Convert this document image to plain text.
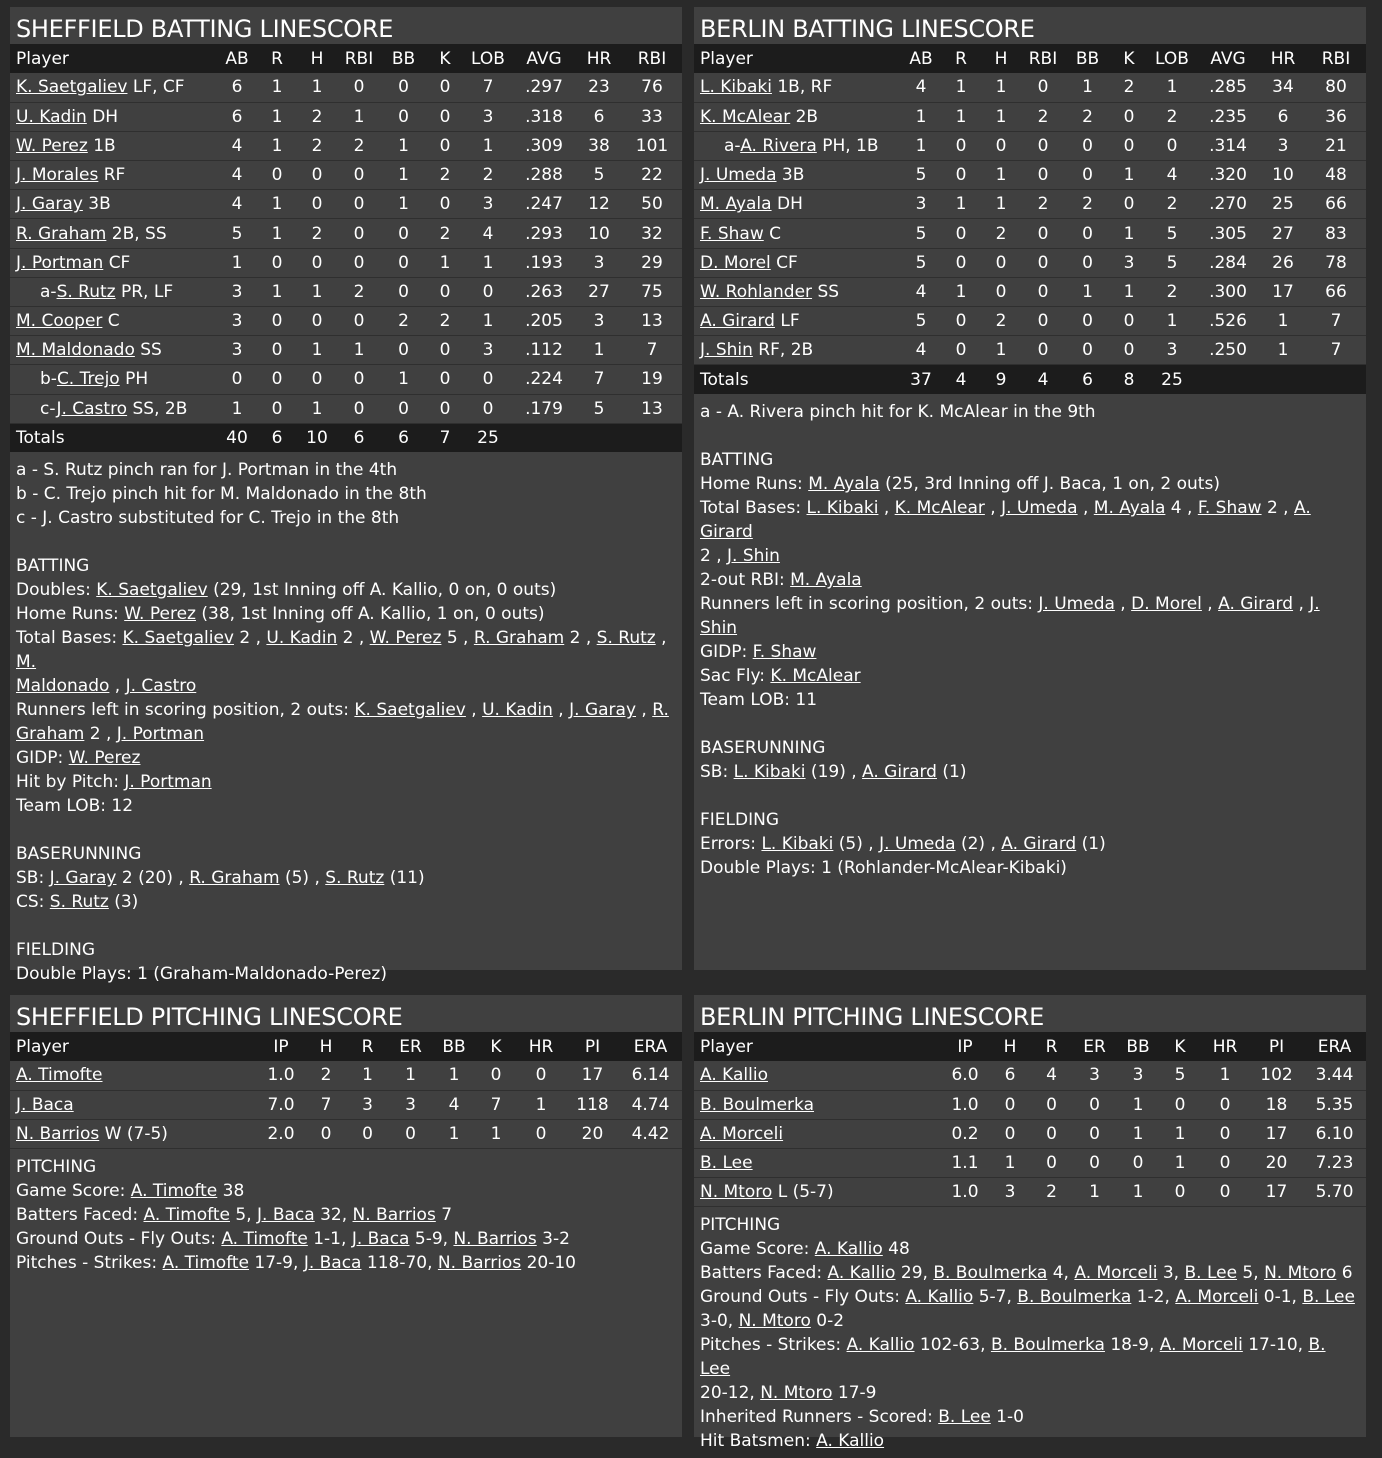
SHEFFIELD BATTING LINESCORE
Player	AB	R	H	RBI	BB	K	LOB	AVG	HR	RBI
K. Saetgaliev LF, CF	6	1	1	0	0	0	7	.297	23	76
U. Kadin DH	6	1	2	1	0	0	3	.318	6	33
W. Perez 1B	4	1	2	2	1	0	1	.309	38	101
J. Morales RF	4	0	0	0	1	2	2	.288	5	22
J. Garay 3B	4	1	0	0	1	0	3	.247	12	50
R. Graham 2B, SS	5	1	2	0	0	2	4	.293	10	32
J. Portman CF	1	0	0	0	0	1	1	.193	3	29
a-S. Rutz PR, LF	3	1	1	2	0	0	0	.263	27	75
M. Cooper C	3	0	0	0	2	2	1	.205	3	13
M. Maldonado SS	3	0	1	1	0	0	3	.112	1	7
b-C. Trejo PH	0	0	0	0	1	0	0	.224	7	19
c-J. Castro SS, 2B	1	0	1	0	0	0	0	.179	5	13
Totals	40	6	10	6	6	7	25			
a - S. Rutz pinch ran for J. Portman in the 4th
b - C. Trejo pinch hit for M. Maldonado in the 8th
c - J. Castro substituted for C. Trejo in the 8th
BATTING
Doubles: K. Saetgaliev (29, 1st Inning off A. Kallio, 0 on, 0 outs)
Home Runs: W. Perez (38, 1st Inning off A. Kallio, 1 on, 0 outs)
Total Bases: K. Saetgaliev 2 , U. Kadin 2 , W. Perez 5 , R. Graham 2 , S. Rutz , M.
Maldonado , J. Castro
Runners left in scoring position, 2 outs: K. Saetgaliev , U. Kadin , J. Garay , R.
Graham 2 , J. Portman
GIDP: W. Perez
Hit by Pitch: J. Portman
Team LOB: 12
BASERUNNING
SB: J. Garay 2 (20) , R. Graham (5) , S. Rutz (11)
CS: S. Rutz (3)
FIELDING
Double Plays: 1 (Graham-Maldonado-Perez)
BERLIN BATTING LINESCORE
Player	AB	R	H	RBI	BB	K	LOB	AVG	HR	RBI
L. Kibaki 1B, RF	4	1	1	0	1	2	1	.285	34	80
K. McAlear 2B	1	1	1	2	2	0	2	.235	6	36
a-A. Rivera PH, 1B	1	0	0	0	0	0	0	.314	3	21
J. Umeda 3B	5	0	1	0	0	1	4	.320	10	48
M. Ayala DH	3	1	1	2	2	0	2	.270	25	66
F. Shaw C	5	0	2	0	0	1	5	.305	27	83
D. Morel CF	5	0	0	0	0	3	5	.284	26	78
W. Rohlander SS	4	1	0	0	1	1	2	.300	17	66
A. Girard LF	5	0	2	0	0	0	1	.526	1	7
J. Shin RF, 2B	4	0	1	0	0	0	3	.250	1	7
Totals	37	4	9	4	6	8	25			
a - A. Rivera pinch hit for K. McAlear in the 9th
BATTING
Home Runs: M. Ayala (25, 3rd Inning off J. Baca, 1 on, 2 outs)
Total Bases: L. Kibaki , K. McAlear , J. Umeda , M. Ayala 4 , F. Shaw 2 , A. Girard
2 , J. Shin
2-out RBI: M. Ayala
Runners left in scoring position, 2 outs: J. Umeda , D. Morel , A. Girard , J. Shin
GIDP: F. Shaw
Sac Fly: K. McAlear
Team LOB: 11
BASERUNNING
SB: L. Kibaki (19) , A. Girard (1)
FIELDING
Errors: L. Kibaki (5) , J. Umeda (2) , A. Girard (1)
Double Plays: 1 (Rohlander-McAlear-Kibaki)
SHEFFIELD PITCHING LINESCORE
Player	IP	H	R	ER	BB	K	HR	PI	ERA
A. Timofte	1.0	2	1	1	1	0	0	17	6.14
J. Baca	7.0	7	3	3	4	7	1	118	4.74
N. Barrios W (7-5)	2.0	0	0	0	1	1	0	20	4.42
PITCHING
Game Score: A. Timofte 38
Batters Faced: A. Timofte 5, J. Baca 32, N. Barrios 7
Ground Outs - Fly Outs: A. Timofte 1-1, J. Baca 5-9, N. Barrios 3-2
Pitches - Strikes: A. Timofte 17-9, J. Baca 118-70, N. Barrios 20-10
BERLIN PITCHING LINESCORE
Player	IP	H	R	ER	BB	K	HR	PI	ERA
A. Kallio	6.0	6	4	3	3	5	1	102	3.44
B. Boulmerka	1.0	0	0	0	1	0	0	18	5.35
A. Morceli	0.2	0	0	0	1	1	0	17	6.10
B. Lee	1.1	1	0	0	0	1	0	20	7.23
N. Mtoro L (5-7)	1.0	3	2	1	1	0	0	17	5.70
PITCHING
Game Score: A. Kallio 48
Batters Faced: A. Kallio 29, B. Boulmerka 4, A. Morceli 3, B. Lee 5, N. Mtoro 6
Ground Outs - Fly Outs: A. Kallio 5-7, B. Boulmerka 1-2, A. Morceli 0-1, B. Lee
3-0, N. Mtoro 0-2
Pitches - Strikes: A. Kallio 102-63, B. Boulmerka 18-9, A. Morceli 17-10, B. Lee
20-12, N. Mtoro 17-9
Inherited Runners - Scored: B. Lee 1-0
Hit Batsmen: A. Kallio
